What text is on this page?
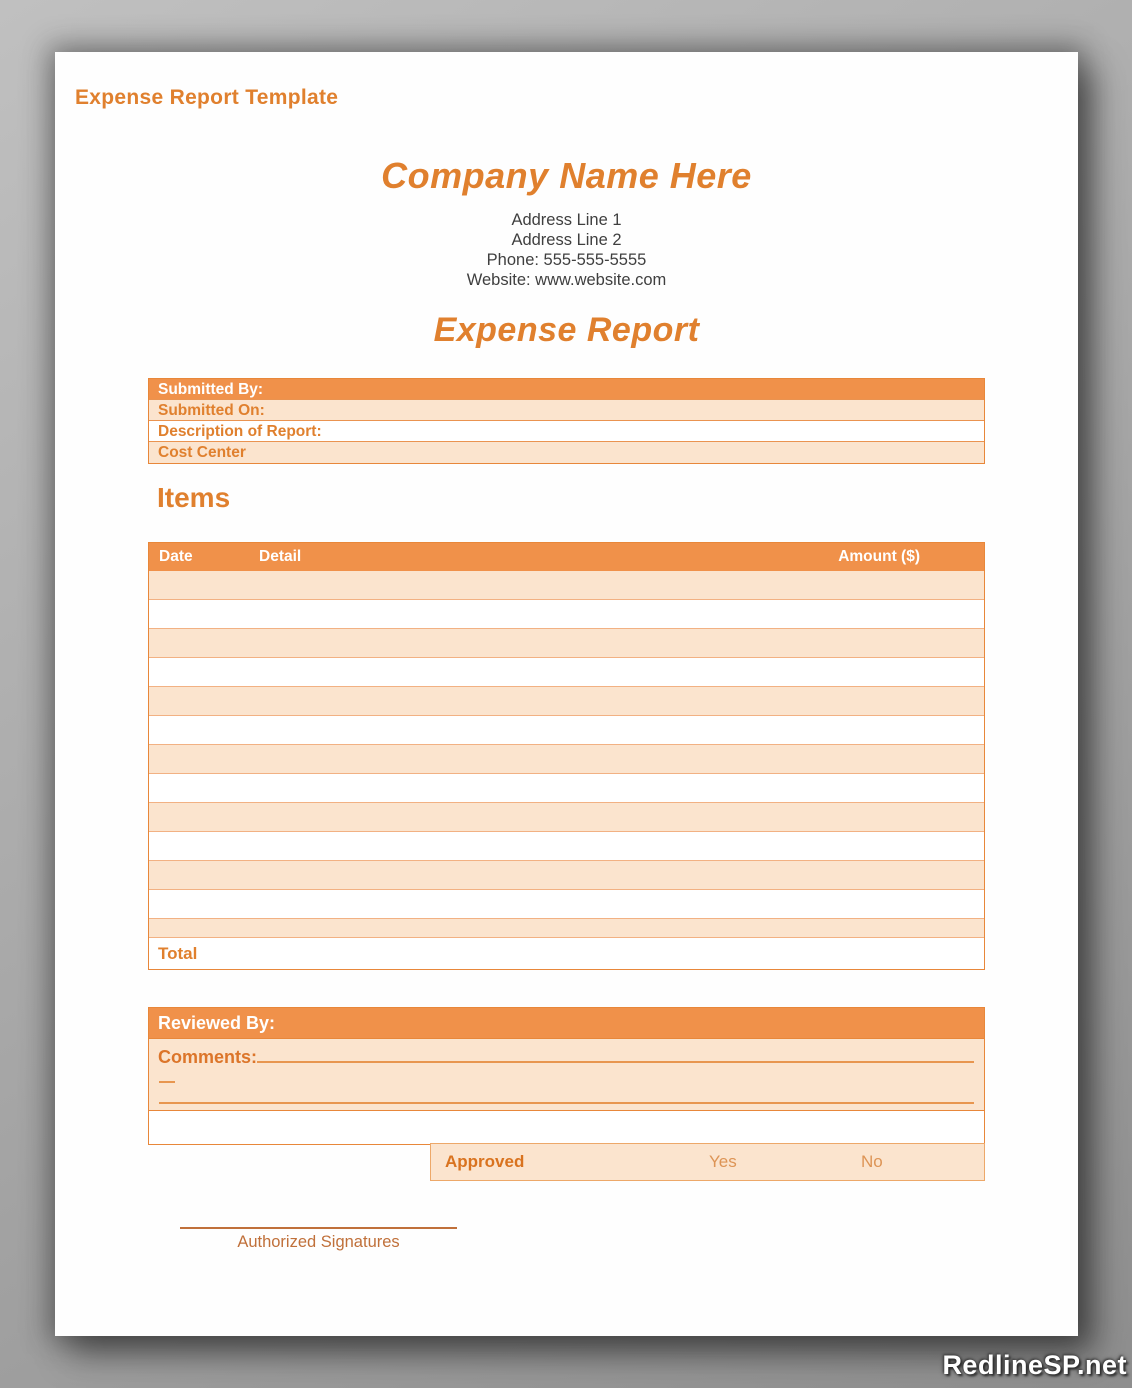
Expense Report Template
Company Name Here
Address Line 1
Address Line 2
Phone: 555-555-5555
Website: www.website.com
Expense Report
Submitted By:
Submitted On:
Description of Report:
Cost Center
Items
Date	Detail	Amount ($)
Total
Reviewed By:
Comments:
Approved	Yes	No
Authorized Signatures
RedlineSP.net
